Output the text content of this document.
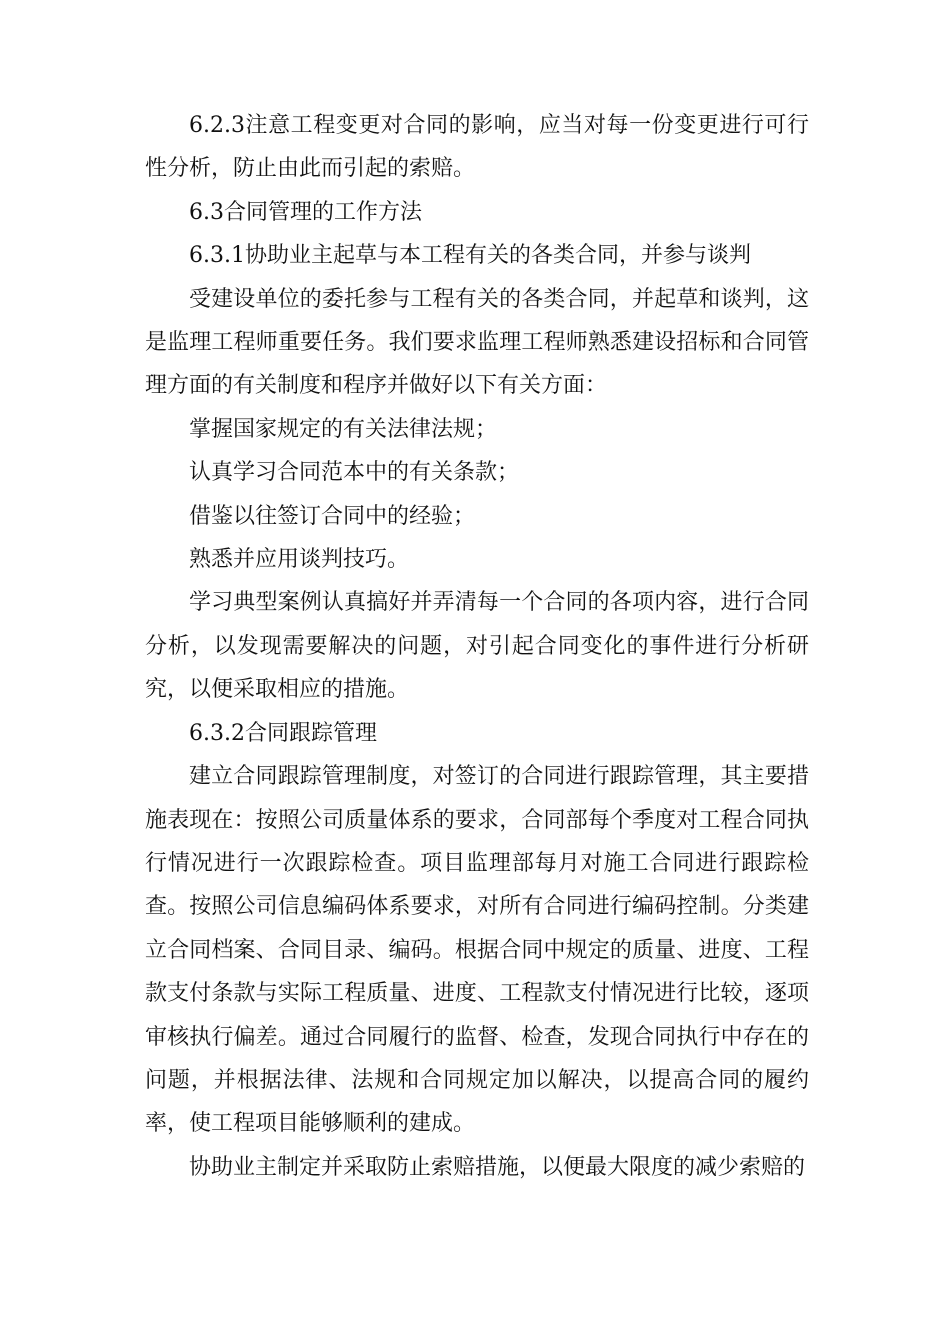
6.2.3注意工程变更对合同的影响，应当对每一份变更进行可行性分析，防止由此而引起的索赔。

6.3合同管理的工作方法

6.3.1协助业主起草与本工程有关的各类合同，并参与谈判

受建设单位的委托参与工程有关的各类合同，并起草和谈判，这是监理工程师重要任务。我们要求监理工程师熟悉建设招标和合同管理方面的有关制度和程序并做好以下有关方面：

掌握国家规定的有关法律法规；

认真学习合同范本中的有关条款；

借鉴以往签订合同中的经验；

熟悉并应用谈判技巧。

学习典型案例认真搞好并弄清每一个合同的各项内容，进行合同分析，以发现需要解决的问题，对引起合同变化的事件进行分析研究，以便采取相应的措施。

6.3.2合同跟踪管理

建立合同跟踪管理制度，对签订的合同进行跟踪管理，其主要措施表现在：按照公司质量体系的要求，合同部每个季度对工程合同执行情况进行一次跟踪检查。项目监理部每月对施工合同进行跟踪检查。按照公司信息编码体系要求，对所有合同进行编码控制。分类建立合同档案、合同目录、编码。根据合同中规定的质量、进度、工程款支付条款与实际工程质量、进度、工程款支付情况进行比较，逐项审核执行偏差。通过合同履行的监督、检查，发现合同执行中存在的问题，并根据法律、法规和合同规定加以解决，以提高合同的履约率，使工程项目能够顺利的建成。

协助业主制定并采取防止索赔措施，以便最大限度的减少索赔的
